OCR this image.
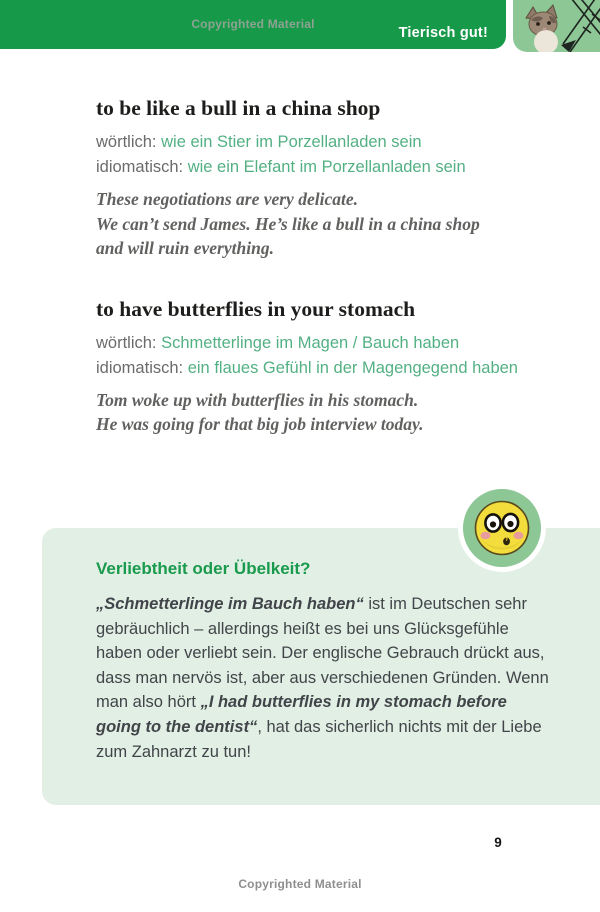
Copyrighted Material
Tierisch gut!
to be like a bull in a china shop
wörtlich: wie ein Stier im Porzellanladen sein
idiomatisch: wie ein Elefant im Porzellanladen sein
These negotiations are very delicate.
We can’t send James. He’s like a bull in a china shop
and will ruin everything.
to have butterflies in your stomach
wörtlich: Schmetterlinge im Magen / Bauch haben
idiomatisch: ein flaues Gefühl in der Magengegend haben
Tom woke up with butterflies in his stomach.
He was going for that big job interview today.
Verliebtheit oder Übelkeit?
„Schmetterlinge im Bauch haben“ ist im Deutschen sehr gebräuchlich – allerdings heißt es bei uns Glücksgefühle haben oder verliebt sein. Der englische Gebrauch drückt aus, dass man nervös ist, aber aus verschiedenen Gründen. Wenn man also hört „I had butterflies in my stomach before going to the dentist“, hat das sicherlich nichts mit der Liebe zum Zahnarzt zu tun!
9
Copyrighted Material
